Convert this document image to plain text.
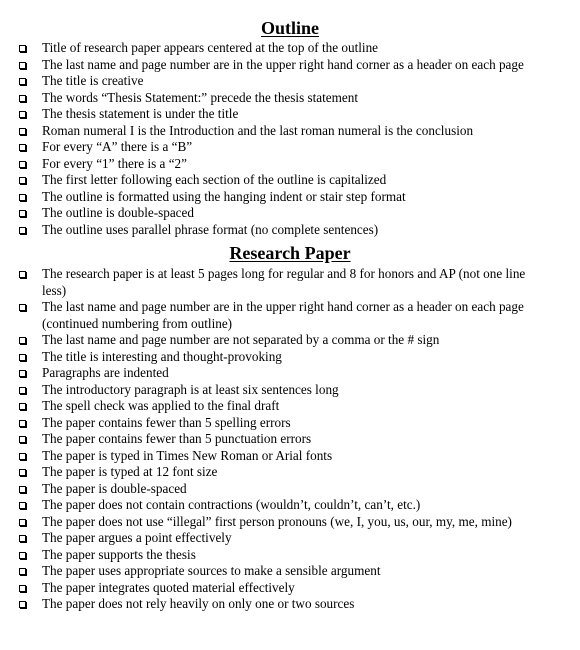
Outline
Title of research paper appears centered at the top of the outline
The last name and page number are in the upper right hand corner as a header on each page
The title is creative
The words “Thesis Statement:” precede the thesis statement
The thesis statement is under the title
Roman numeral I is the Introduction and the last roman numeral is the conclusion
For every “A” there is a “B”
For every “1” there is a “2”
The first letter following each section of the outline is capitalized
The outline is formatted using the hanging indent or stair step format
The outline is double-spaced
The outline uses parallel phrase format (no complete sentences)
Research Paper
The research paper is at least 5 pages long for regular and 8 for honors and AP (not one line less)
The last name and page number are in the upper right hand corner as a header on each page (continued numbering from outline)
The last name and page number are not separated by a comma or the # sign
The title is interesting and thought-provoking
Paragraphs are indented
The introductory paragraph is at least six sentences long
The spell check was applied to the final draft
The paper contains fewer than 5 spelling errors
The paper contains fewer than 5 punctuation errors
The paper is typed in Times New Roman or Arial fonts
The paper is typed at 12 font size
The paper is double-spaced
The paper does not contain contractions (wouldn’t, couldn’t, can’t, etc.)
The paper does not use “illegal” first person pronouns (we, I, you, us, our, my, me, mine)
The paper argues a point effectively
The paper supports the thesis
The paper uses appropriate sources to make a sensible argument
The paper integrates quoted material effectively
The paper does not rely heavily on only one or two sources
